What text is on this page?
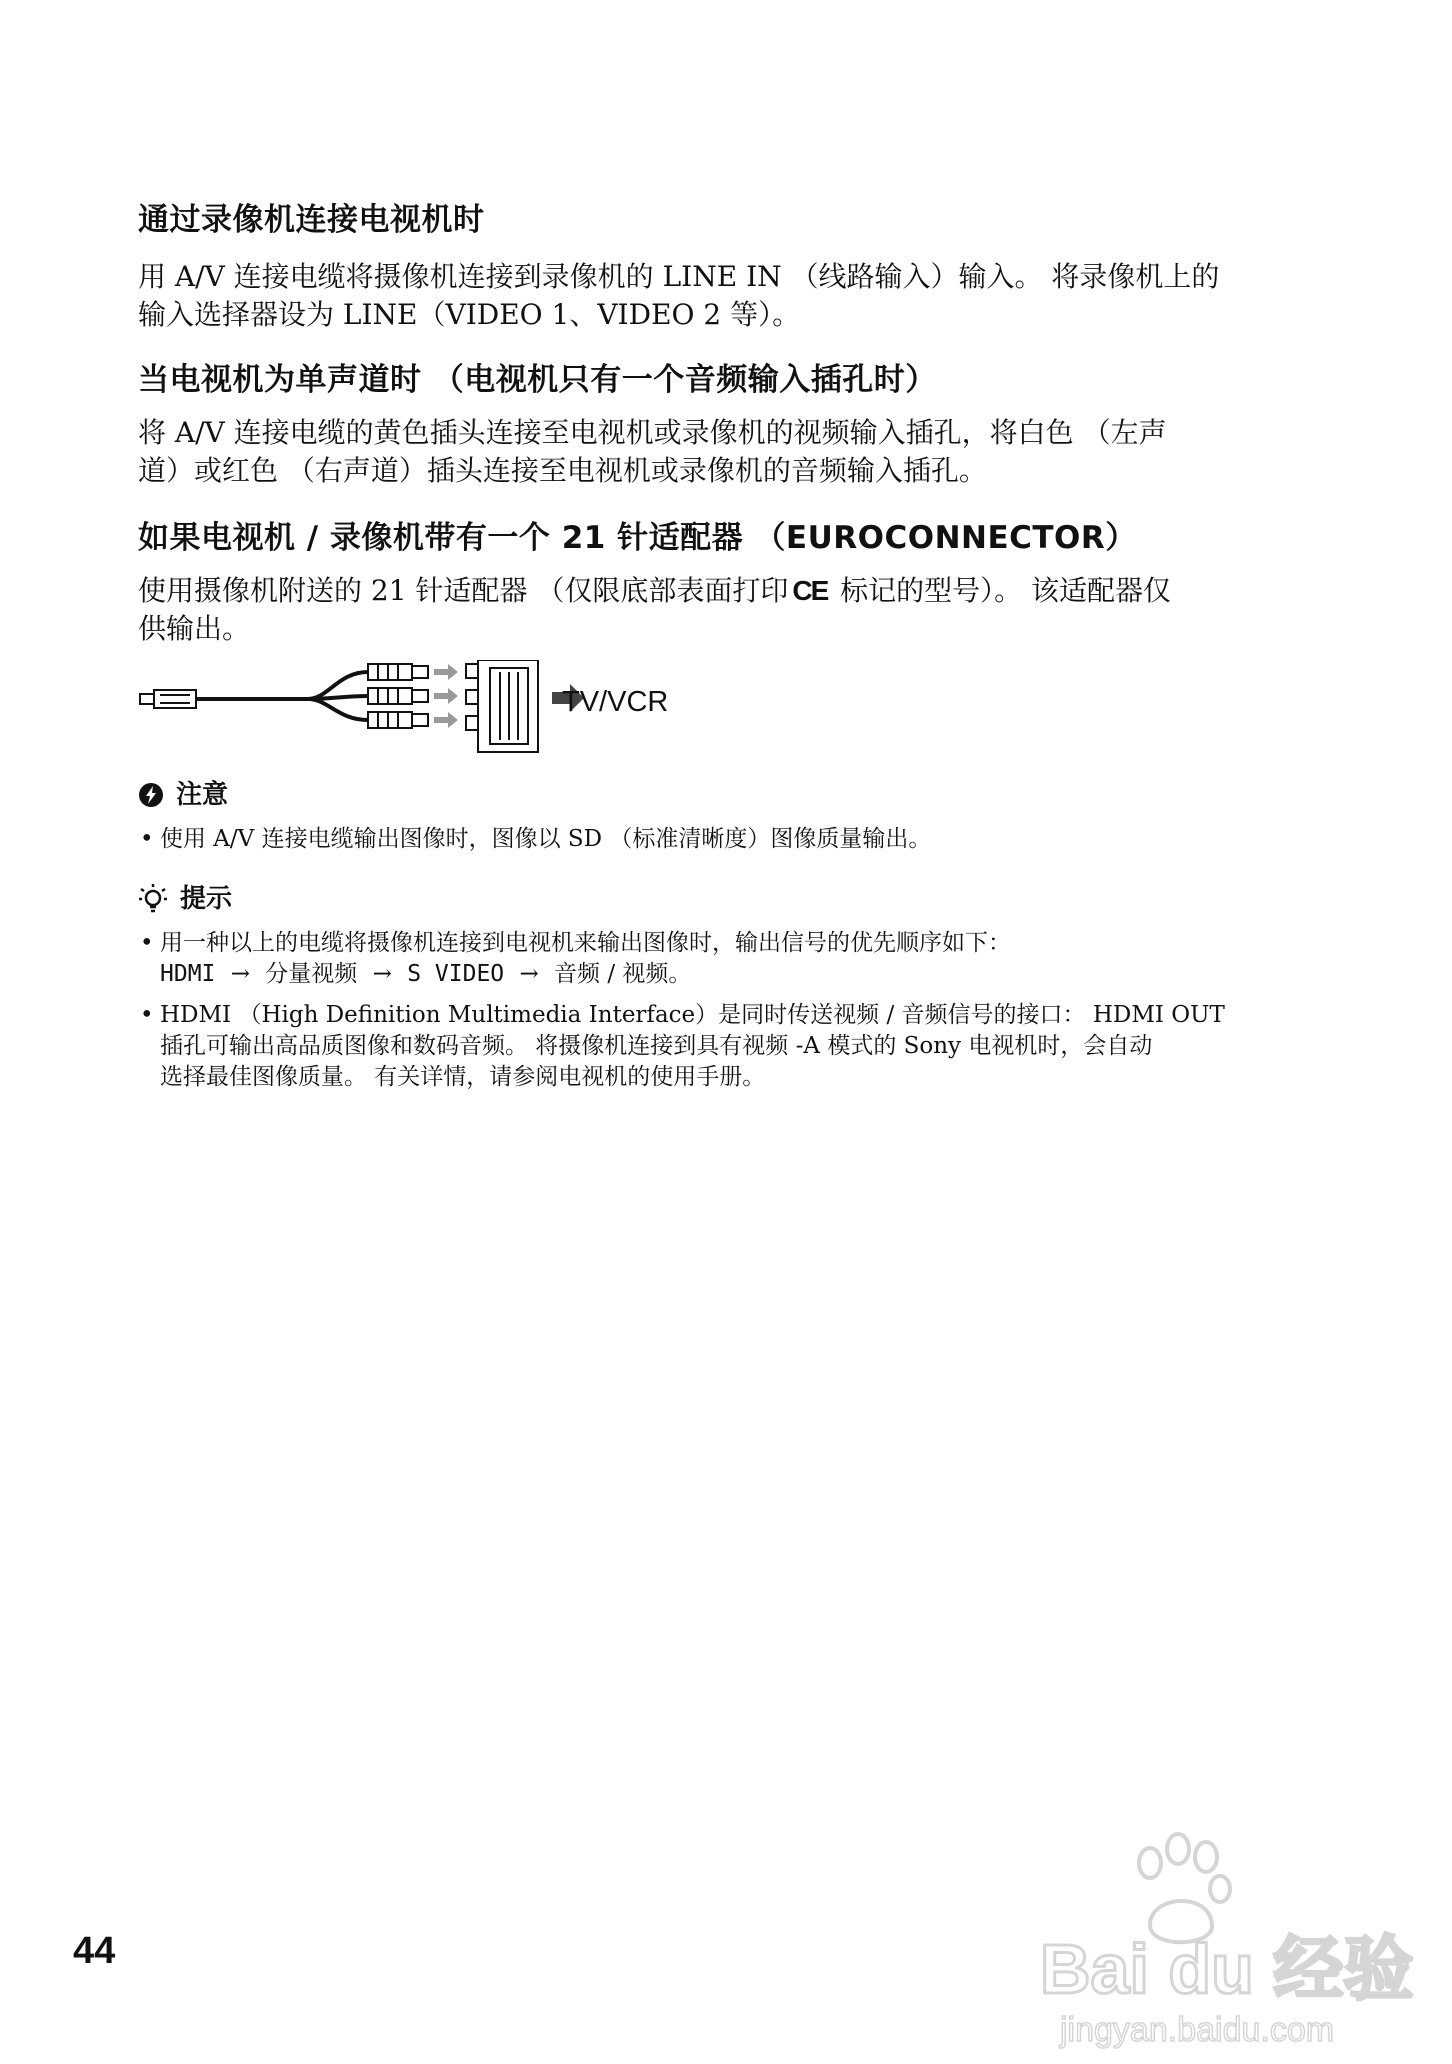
通过录像机连接电视机时
用 A/V 连接电缆将摄像机连接到录像机的 LINE IN （线路输入）输入。 将录像机上的
输入选择器设为 LINE（VIDEO 1、VIDEO 2 等）。
当电视机为单声道时 （电视机只有一个音频输入插孔时）
将 A/V 连接电缆的黄色插头连接至电视机或录像机的视频输入插孔，将白色 （左声
道）或红色 （右声道）插头连接至电视机或录像机的音频输入插孔。
如果电视机 / 录像机带有一个 21 针适配器 （EUROCONNECTOR）
使用摄像机附送的 21 针适配器 （仅限底部表面打印 CE 标记的型号）。 该适配器仅
供输出。
TV/VCR
注意
• 使用 A/V 连接电缆输出图像时，图像以 SD （标准清晰度）图像质量输出。
提示
• 用一种以上的电缆将摄像机连接到电视机来输出图像时，输出信号的优先顺序如下：
HDMI → 分量视频 → S VIDEO → 音频 / 视频。
• HDMI （High Definition Multimedia Interface）是同时传送视频 / 音频信号的接口： HDMI OUT
插孔可输出高品质图像和数码音频。 将摄像机连接到具有视频 -A 模式的 Sony 电视机时，会自动
选择最佳图像质量。 有关详情，请参阅电视机的使用手册。
44	Bai du 经验
jingyan.baidu.com
